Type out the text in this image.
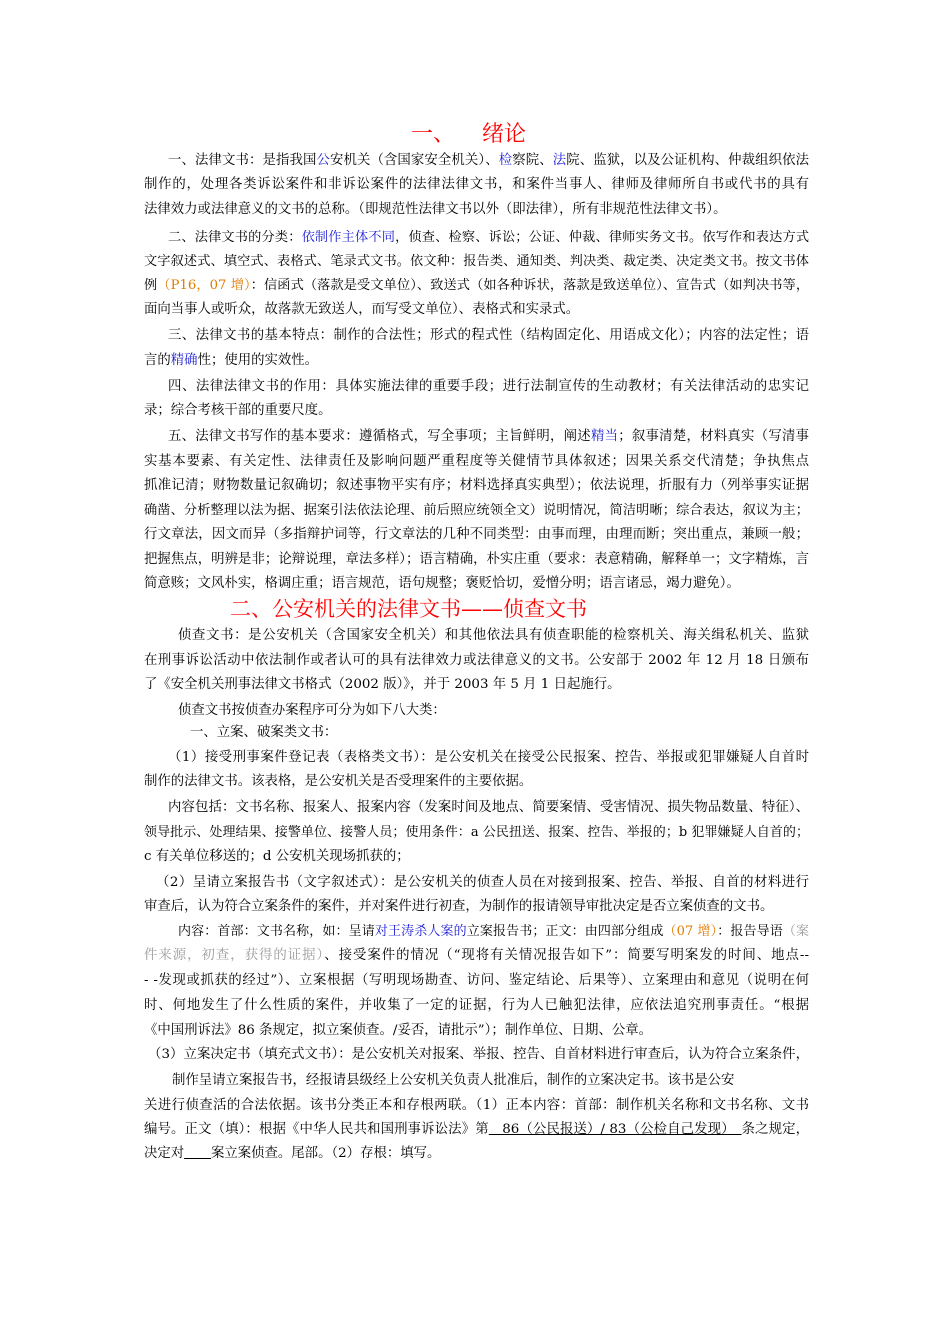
一、 绪论
一、法律文书：是指我国公安机关（含国家安全机关）、检察院、法院、监狱，以及公证机构、仲裁组织依法
制作的，处理各类诉讼案件和非诉讼案件的法律法律文书，和案件当事人、律师及律师所自书或代书的具有
法律效力或法律意义的文书的总称。（即规范性法律文书以外（即法律），所有非规范性法律文书）。
二、法律文书的分类：依制作主体不同，侦查、检察、诉讼；公证、仲裁、律师实务文书。依写作和表达方式
文字叙述式、填空式、表格式、笔录式文书。依文种：报告类、通知类、判决类、裁定类、决定类文书。按文书体
例（P16，07 增）：信函式（落款是受文单位）、致送式（如各种诉状，落款是致送单位）、宣告式（如判决书等，
面向当事人或听众，故落款无致送人，而写受文单位）、表格式和实录式。
三、法律文书的基本特点：制作的合法性；形式的程式性（结构固定化、用语成文化）；内容的法定性；语
言的精确性；使用的实效性。
四、法律法律文书的作用：具体实施法律的重要手段；进行法制宣传的生动教材；有关法律活动的忠实记
录；综合考核干部的重要尺度。
五、法律文书写作的基本要求：遵循格式，写全事项；主旨鲜明，阐述精当；叙事清楚，材料真实（写清事
实基本要素、有关定性、法律责任及影响问题严重程度等关健情节具体叙述；因果关系交代清楚；争执焦点
抓准记清；财物数量记叙确切；叙述事物平实有序；材料选择真实典型）；依法说理，折服有力（列举事实证据
确凿、分析整理以法为据、据案引法依法论理、前后照应统领全文）说明情况，简洁明晰；综合表达，叙议为主；
行文章法，因文而异（多指辩护词等，行文章法的几种不同类型：由事而理，由理而断；突出重点，兼顾一般；
把握焦点，明辨是非；论辩说理，章法多样）；语言精确，朴实庄重（要求：表意精确，解释单一；文字精炼，言
简意赅；文风朴实，格调庄重；语言规范，语句规整；褒贬恰切，爱憎分明；语言诸忌，竭力避免）。
二、公安机关的法律文书——侦查文书
侦查文书：是公安机关（含国家安全机关）和其他依法具有侦查职能的检察机关、海关缉私机关、监狱
在刑事诉讼活动中依法制作或者认可的具有法律效力或法律意义的文书。公安部于 2002 年 12 月 18 日颁布
了《安全机关刑事法律文书格式（2002 版）》，并于 2003 年 5 月 1 日起施行。
侦查文书按侦查办案程序可分为如下八大类：
一、立案、破案类文书：
（1）接受刑事案件登记表（表格类文书）：是公安机关在接受公民报案、控告、举报或犯罪嫌疑人自首时
制作的法律文书。该表格，是公安机关是否受理案件的主要依据。
内容包括：文书名称、报案人、报案内容（发案时间及地点、简要案情、受害情况、损失物品数量、特征）、
领导批示、处理结果、接警单位、接警人员；使用条件：a 公民扭送、报案、控告、举报的；b 犯罪嫌疑人自首的；
c 有关单位移送的；d 公安机关现场抓获的；
（2）呈请立案报告书（文字叙述式）：是公安机关的侦查人员在对接到报案、控告、举报、自首的材料进行
审查后，认为符合立案条件的案件，并对案件进行初查，为制作的报请领导审批决定是否立案侦查的文书。
内容：首部：文书名称，如：呈请对王涛杀人案的立案报告书；正文：由四部分组成（07 增）：报告导语（案
件来源，初查，获得的证据）、接受案件的情况（“现将有关情况报告如下”：简要写明案发的时间、地点--
- -发现或抓获的经过”）、立案根据（写明现场勘查、访问、鉴定结论、后果等）、立案理由和意见（说明在何
时、何地发生了什么性质的案件，并收集了一定的证据，行为人已触犯法律，应依法追究刑事责任。“根据
《中国刑诉法》86 条规定，拟立案侦查。/妥否，请批示”）；制作单位、日期、公章。
（3）立案决定书（填充式文书）：是公安机关对报案、举报、控告、自首材料进行审查后，认为符合立案条件，
制作呈请立案报告书，经报请县级经上公安机关负责人批准后，制作的立案决定书。该书是公安
关进行侦查活的合法依据。该书分类正本和存根两联。（1）正本内容：首部：制作机关名称和文书名称、文书
编号。正文（填）：根据《中华人民共和国刑事诉讼法》第　86（公民报送）/ 83（公检自己发现）　条之规定，
决定对＿＿案立案侦查。尾部。（2）存根：填写。
